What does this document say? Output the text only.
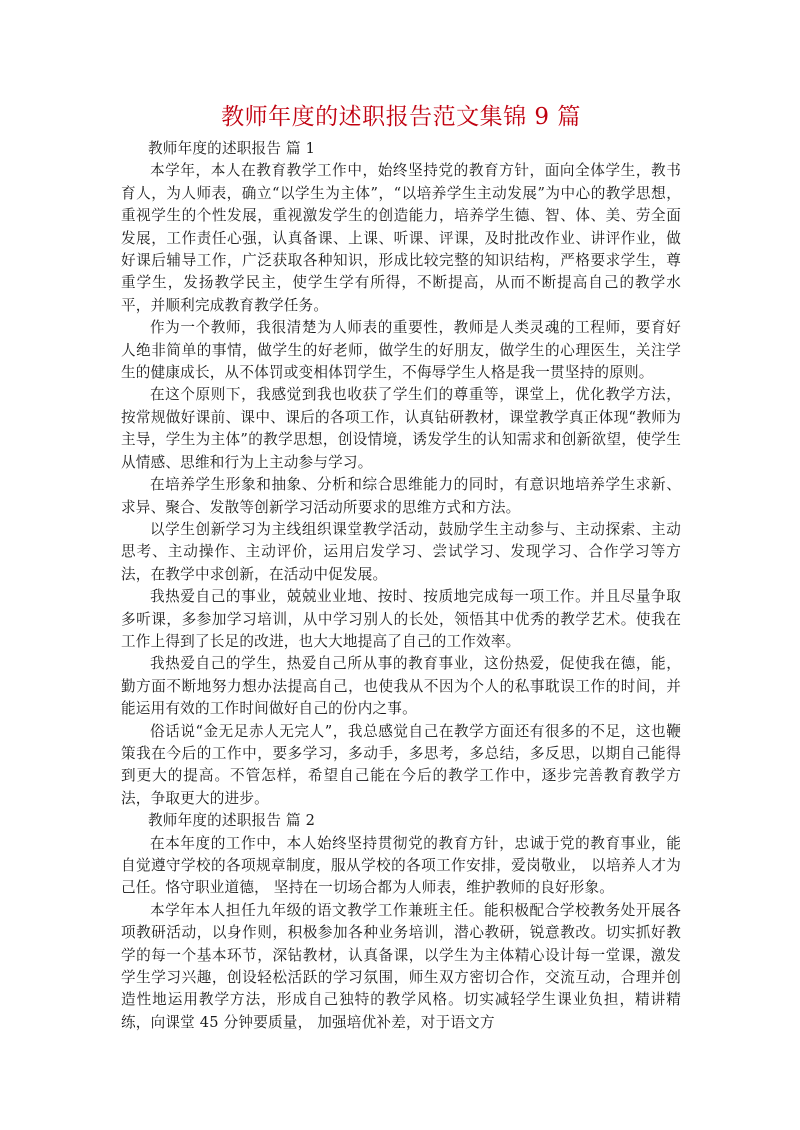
教师年度的述职报告范文集锦 9 篇

教师年度的述职报告 篇 1

本学年，本人在教育教学工作中，始终坚持党的教育方针，面向全体学生，教书育人，为人师表，确立“以学生为主体”，“以培养学生主动发展”为中心的教学思想，重视学生的个性发展，重视激发学生的创造能力，培养学生德、智、体、美、劳全面发展，工作责任心强，认真备课、上课、听课、评课，及时批改作业、讲评作业，做好课后辅导工作，广泛获取各种知识，形成比较完整的知识结构，严格要求学生，尊重学生，发扬教学民主，使学生学有所得，不断提高，从而不断提高自己的教学水平，并顺利完成教育教学任务。

作为一个教师，我很清楚为人师表的重要性，教师是人类灵魂的工程师，要育好人绝非简单的事情，做学生的好老师，做学生的好朋友，做学生的心理医生，关注学生的健康成长，从不体罚或变相体罚学生，不侮辱学生人格是我一贯坚持的原则。

在这个原则下，我感觉到我也收获了学生们的尊重等，课堂上，优化教学方法，按常规做好课前、课中、课后的各项工作，认真钻研教材，课堂教学真正体现“教师为主导，学生为主体”的教学思想，创设情境，诱发学生的认知需求和创新欲望，使学生从情感、思维和行为上主动参与学习。

在培养学生形象和抽象、分析和综合思维能力的同时，有意识地培养学生求新、求异、聚合、发散等创新学习活动所要求的思维方式和方法。

以学生创新学习为主线组织课堂教学活动，鼓励学生主动参与、主动探索、主动思考、主动操作、主动评价，运用启发学习、尝试学习、发现学习、合作学习等方法，在教学中求创新，在活动中促发展。

我热爱自己的事业，兢兢业业地、按时、按质地完成每一项工作。并且尽量争取多听课，多参加学习培训，从中学习别人的长处，领悟其中优秀的教学艺术。使我在工作上得到了长足的改进，也大大地提高了自己的工作效率。

我热爱自己的学生，热爱自己所从事的教育事业，这份热爱，促使我在德，能，勤方面不断地努力想办法提高自己，也使我从不因为个人的私事耽误工作的时间，并能运用有效的工作时间做好自己的份内之事。

俗话说“金无足赤人无完人”，我总感觉自己在教学方面还有很多的不足，这也鞭策我在今后的工作中，要多学习，多动手，多思考，多总结，多反思，以期自己能得到更大的提高。不管怎样，希望自己能在今后的教学工作中，逐步完善教育教学方法，争取更大的进步。

教师年度的述职报告 篇 2

在本年度的工作中，本人始终坚持贯彻党的教育方针，忠诚于党的教育事业，能自觉遵守学校的各项规章制度，服从学校的各项工作安排，爱岗敬业， 以培养人才为己任。恪守职业道德， 坚持在一切场合都为人师表，维护教师的良好形象。

本学年本人担任九年级的语文教学工作兼班主任。能积极配合学校教务处开展各项教研活动，以身作则，积极参加各种业务培训，潜心教研，锐意教改。切实抓好教学的每一个基本环节，深钻教材，认真备课，以学生为主体精心设计每一堂课，激发学生学习兴趣，创设轻松活跃的学习氛围，师生双方密切合作，交流互动，合理并创造性地运用教学方法，形成自己独特的教学风格。切实减轻学生课业负担，精讲精练，向课堂 45 分钟要质量， 加强培优补差，对于语文方
